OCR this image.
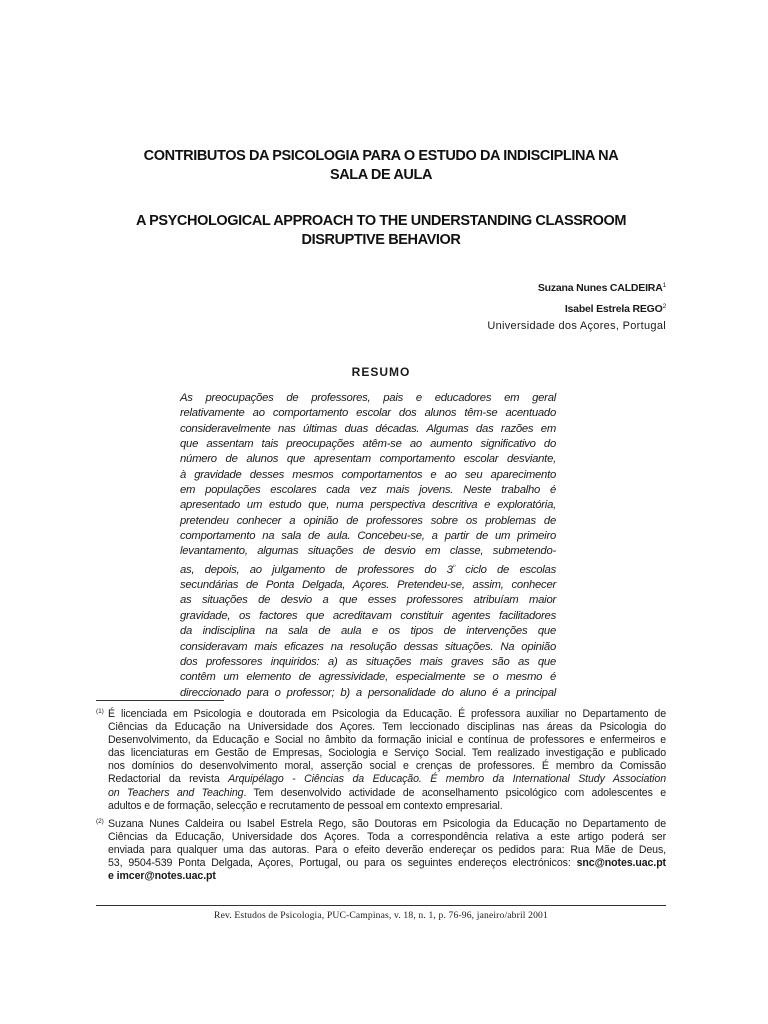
CONTRIBUTOS DA PSICOLOGIA PARA O ESTUDO DA INDISCIPLINA NA
SALA DE AULA
A PSYCHOLOGICAL APPROACH TO THE UNDERSTANDING CLASSROOM
DISRUPTIVE BEHAVIOR
Suzana Nunes CALDEIRA$^1$
Isabel Estrela REGO$^2$
Universidade dos Açores, Portugal
RESUMO
As preocupações de professores, pais e educadores em geral
relativamente ao comportamento escolar dos alunos têm-se acentuado
consideravelmente nas últimas duas décadas. Algumas das razões em
que assentam tais preocupações atêm-se ao aumento significativo do
número de alunos que apresentam comportamento escolar desviante,
à gravidade desses mesmos comportamentos e ao seu aparecimento
em populações escolares cada vez mais jovens. Neste trabalho é
apresentado um estudo que, numa perspectiva descritiva e exploratória,
pretendeu conhecer a opinião de professores sobre os problemas de
comportamento na sala de aula. Concebeu-se, a partir de um primeiro
levantamento, algumas situações de desvio em classe, submetendo-
as, depois, ao julgamento de professores do $3^º$ ciclo de escolas
secundárias de Ponta Delgada, Açores. Pretendeu-se, assim, conhecer
as situações de desvio a que esses professores atribuíam maior
gravidade, os factores que acreditavam constituir agentes facilitadores
da indisciplina na sala de aula e os tipos de intervenções que
consideravam mais eficazes na resolução dessas situações. Na opinião
dos professores inquiridos: a) as situações mais graves são as que
contêm um elemento de agressividade, especialmente se o mesmo é
direccionado para o professor; b) a personalidade do aluno é a principal
(1) É licenciada em Psicologia e doutorada em Psicologia da Educação. É professora auxiliar no Departamento de
Ciências da Educação na Universidade dos Açores. Tem leccionado disciplinas nas áreas da Psicologia do
Desenvolvimento, da Educação e Social no âmbito da formação inicial e contínua de professores e enfermeiros e
das licenciaturas em Gestão de Empresas, Sociologia e Serviço Social. Tem realizado investigação e publicado
nos domínios do desenvolvimento moral, asserção social e crenças de professores. É membro da Comissão
Redactorial da revista Arquipélago - Ciências da Educação. É membro da International Study Association
on Teachers and Teaching. Tem desenvolvido actividade de aconselhamento psicológico com adolescentes e
adultos e de formação, selecção e recrutamento de pessoal em contexto empresarial.
(2) Suzana Nunes Caldeira ou Isabel Estrela Rego, são Doutoras em Psicologia da Educação no Departamento de
Ciências da Educação, Universidade dos Açores. Toda a correspondência relativa a este artigo poderá ser
enviada para qualquer uma das autoras. Para o efeito deverão endereçar os pedidos para: Rua Mãe de Deus,
53, 9504-539 Ponta Delgada, Açores, Portugal, ou para os seguintes endereços electrónicos: snc@notes.uac.pt
e imcer@notes.uac.pt
Rev. Estudos de Psicologia, PUC-Campinas, v. 18, n. 1, p. 76-96, janeiro/abril 2001
